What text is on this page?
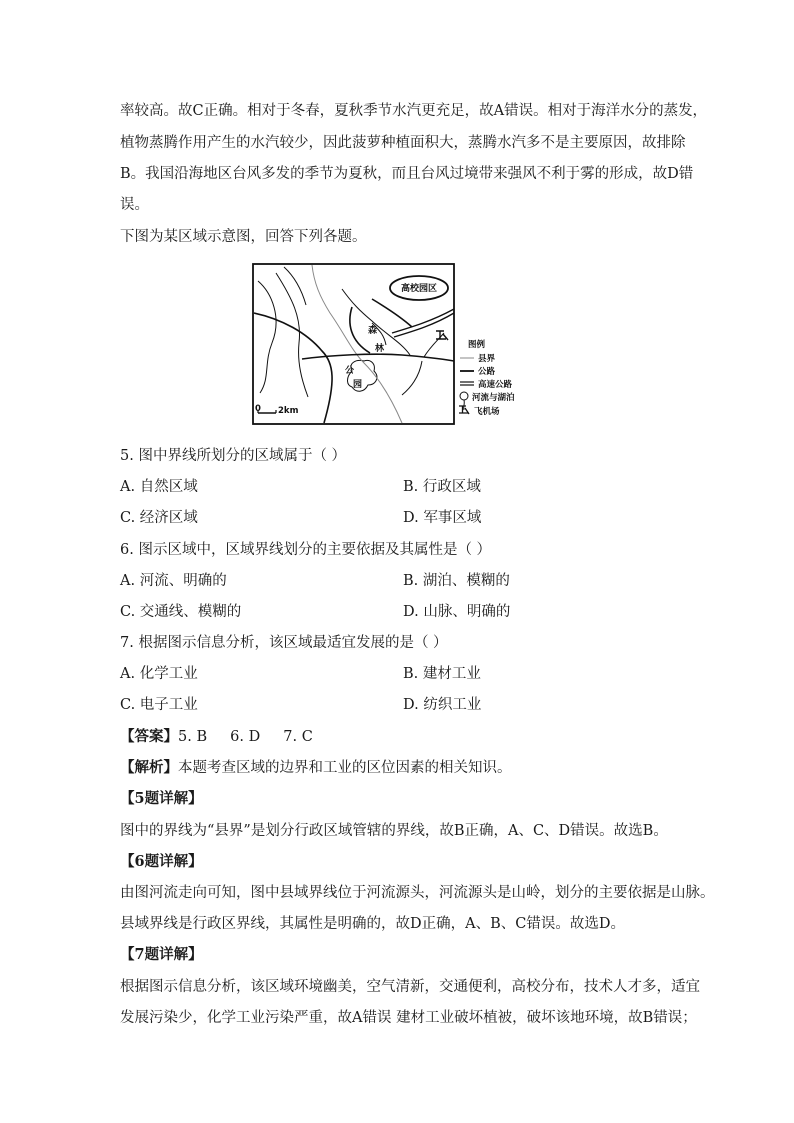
率较高。故C正确。相对于冬春，夏秋季节水汽更充足，故A错误。相对于海洋水分的蒸发，
植物蒸腾作用产生的水汽较少，因此菠萝种植面积大，蒸腾水汽多不是主要原因，故排除
B。我国沿海地区台风多发的季节为夏秋，而且台风过境带来强风不利于雾的形成，故D错
误。
下图为某区域示意图，回答下列各题。
高校园区
森
林
公
园
0 2km
图例
县界
公路
高速公路
河流与湖泊
飞机场
5. 图中界线所划分的区域属于（ ）
A. 自然区域	B. 行政区域
C. 经济区域	D. 军事区域
6. 图示区域中，区域界线划分的主要依据及其属性是（ ）
A. 河流、明确的	B. 湖泊、模糊的
C. 交通线、模糊的	D. 山脉、明确的
7. 根据图示信息分析，该区域最适宜发展的是（ ）
A. 化学工业	B. 建材工业
C. 电子工业	D. 纺织工业
【答案】5. B     6. D     7. C
【解析】本题考查区域的边界和工业的区位因素的相关知识。
【5题详解】
图中的界线为“县界”是划分行政区域管辖的界线，故B正确，A、C、D错误。故选B。
【6题详解】
由图河流走向可知，图中县域界线位于河流源头，河流源头是山岭，划分的主要依据是山脉。
县域界线是行政区界线，其属性是明确的，故D正确，A、B、C错误。故选D。
【7题详解】
根据图示信息分析，该区域环境幽美，空气清新，交通便利，高校分布，技术人才多，适宜
发展污染少，化学工业污染严重，故A错误 建材工业破坏植被，破坏该地环境，故B错误；
